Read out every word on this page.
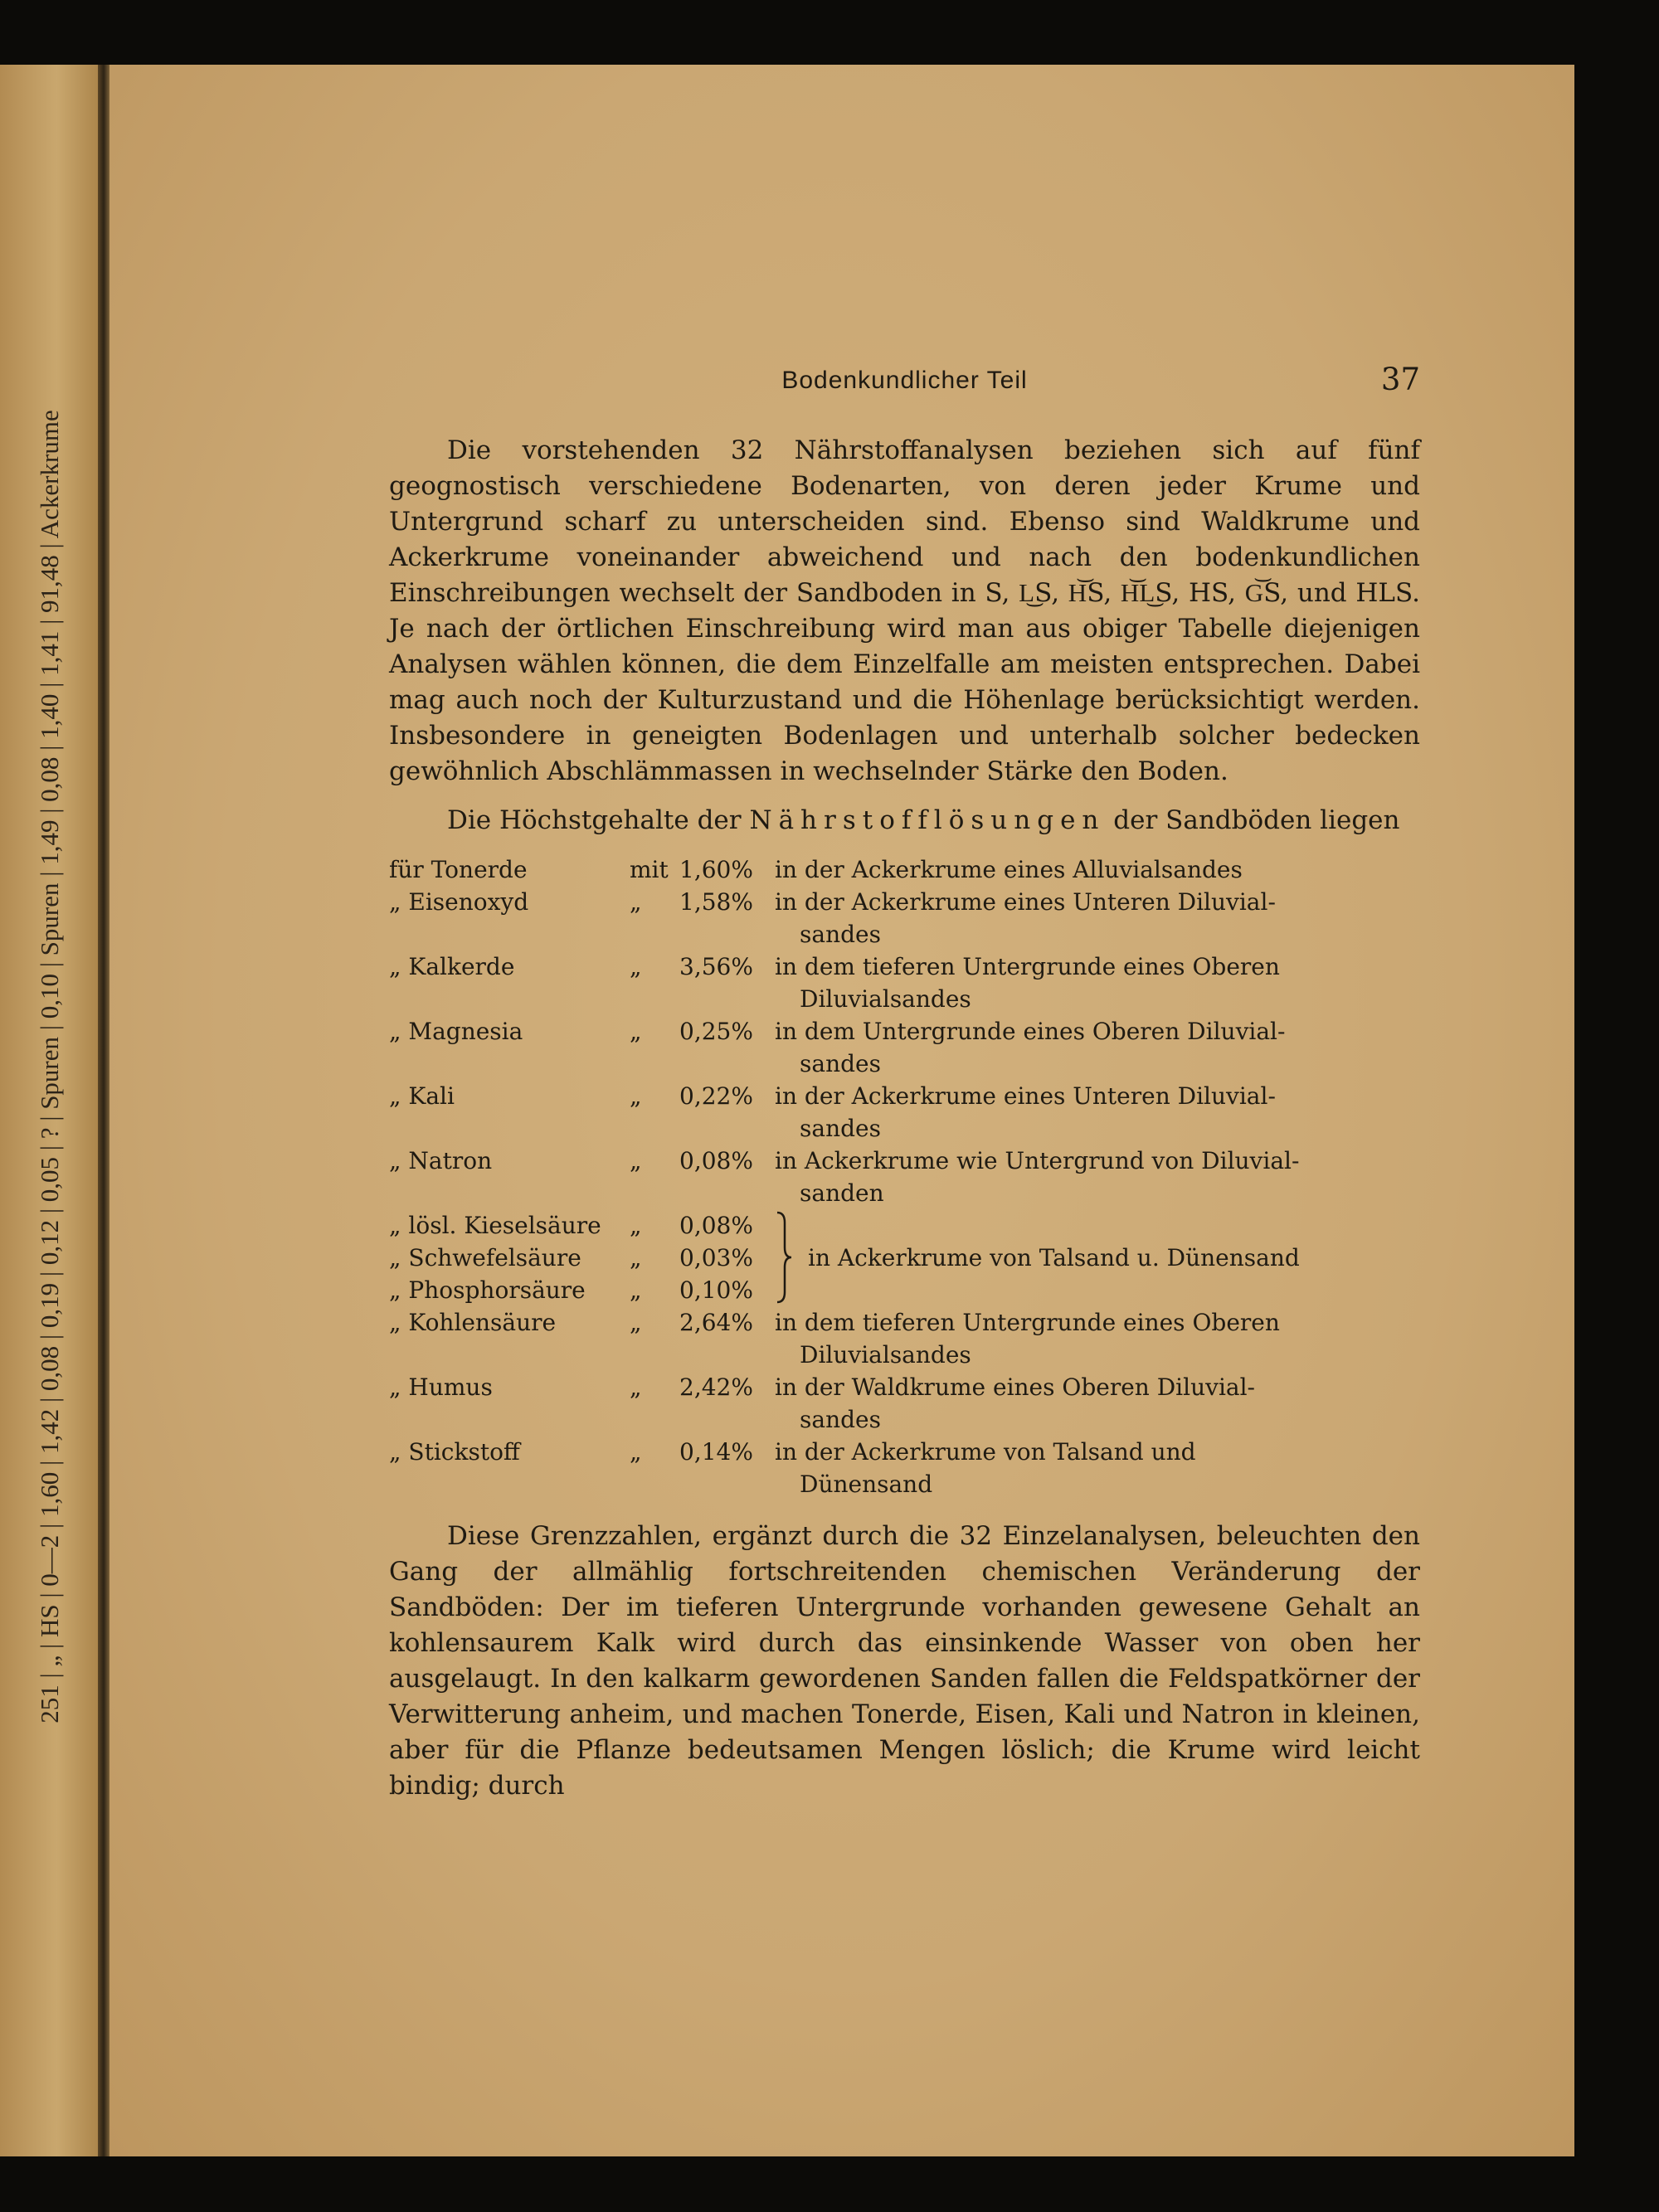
251 | „ | HS | 0—2 | 1,60 | 1,42 | 0,08 | 0,19 | 0,12 | 0,05 | ? | Spuren | 0,10 | Spuren | 1,49 | 0,08 | 1,40 | 1,41 | 91,48 | Ackerkrume
Bodenkundlicher Teil	37

Die vorstehenden 32 Nährstoffanalysen beziehen sich auf fünf geognostisch verschiedene Bodenarten, von deren jeder Krume und Untergrund scharf zu unterscheiden sind. Ebenso sind Waldkrume und Ackerkrume voneinander abweichend und nach den bodenkundlichen Einschreibungen wechselt der Sandboden in S, L͜S, H͝S, H͝L͜S, HS, G͝S, und HLS. Je nach der örtlichen Einschreibung wird man aus obiger Tabelle diejenigen Analysen wählen können, die dem Einzelfalle am meisten entsprechen. Dabei mag auch noch der Kulturzustand und die Höhenlage berücksichtigt werden. Insbesondere in geneigten Bodenlagen und unterhalb solcher bedecken gewöhnlich Abschlämmassen in wechselnder Stärke den Boden.

Die Höchstgehalte der Nährstofflösungen der Sandböden liegen

für Tonerde	mit 1,60% in der Ackerkrume eines Alluvialsandes
„ Eisenoxyd	„	1,58% in der Ackerkrume eines Unteren Diluvial-
sandes
„ Kalkerde	„	3,56% in dem tieferen Untergrunde eines Oberen
Diluvialsandes
„ Magnesia	„	0,25% in dem Untergrunde eines Oberen Diluvial-
sandes
„ Kali	„	0,22% in der Ackerkrume eines Unteren Diluvial-
sandes
„ Natron	„	0,08% in Ackerkrume wie Untergrund von Diluvial-
sanden
„ lösl. Kieselsäure	„	0,08%
„ Schwefelsäure	„	0,03%
„ Phosphorsäure	„	0,10%
in Ackerkrume von Talsand u. Dünensand
„ Kohlensäure	„	2,64% in dem tieferen Untergrunde eines Oberen
Diluvialsandes
„ Humus	„	2,42% in der Waldkrume eines Oberen Diluvial-
sandes
„ Stickstoff	„	0,14% in der Ackerkrume von Talsand und
Dünensand

Diese Grenzzahlen, ergänzt durch die 32 Einzelanalysen, beleuchten den Gang der allmählig fortschreitenden chemischen Veränderung der Sandböden: Der im tieferen Untergrunde vorhanden gewesene Gehalt an kohlensaurem Kalk wird durch das einsinkende Wasser von oben her ausgelaugt. In den kalkarm gewordenen Sanden fallen die Feldspatkörner der Verwitterung anheim, und machen Tonerde, Eisen, Kali und Natron in kleinen, aber für die Pflanze bedeutsamen Mengen löslich; die Krume wird leicht bindig; durch
